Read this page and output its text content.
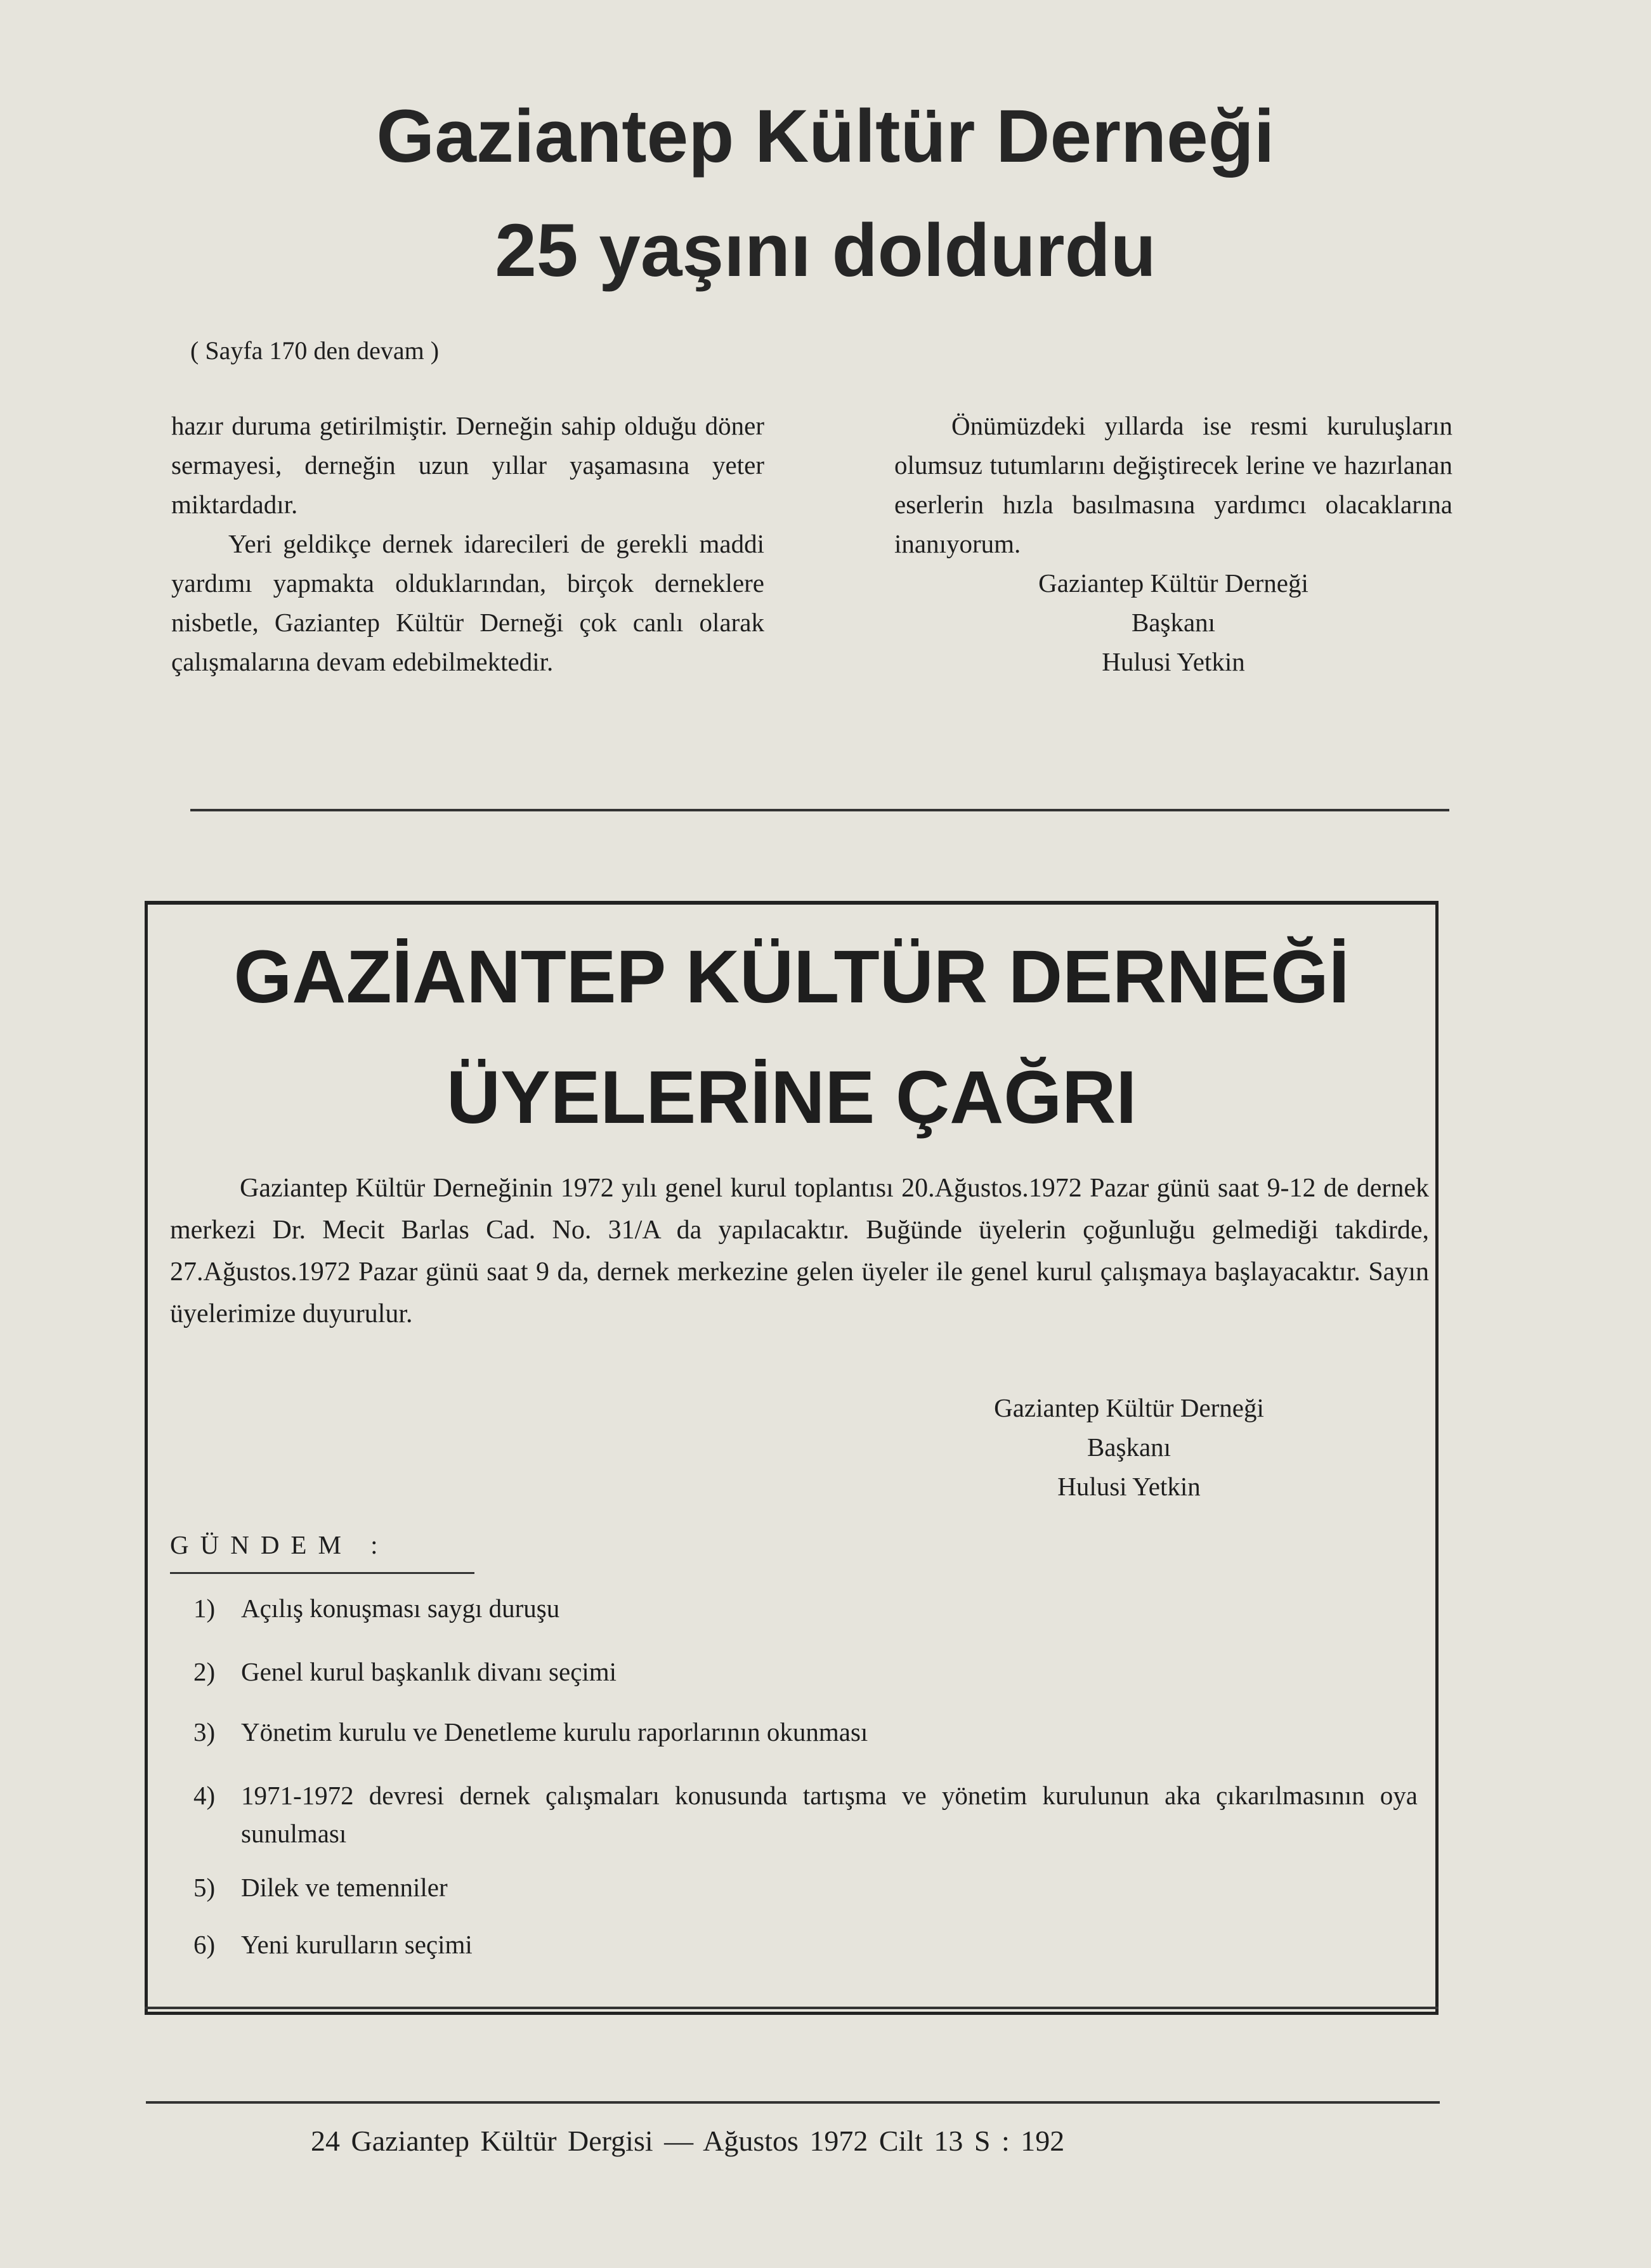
Gaziantep Kültür Derneği
25 yaşını doldurdu
( Sayfa 170 den devam )

hazır duruma getirilmiştir. Derneğin sahip olduğu döner sermayesi, derneğin uzun yıllar yaşamasına yeter miktardadır.

Yeri geldikçe dernek idarecileri de gerekli maddi yardımı yapmakta olduklarından, birçok derneklere nisbetle, Gaziantep Kültür Derneği çok canlı olarak çalışmalarına devam edebilmektedir.

Önümüzdeki yıllarda ise resmi kuruluşların olumsuz tutumlarını değiştirecek lerine ve hazırlanan eserlerin hızla basılmasına yardımcı olacaklarına inanıyorum.

Gaziantep Kültür Derneği
Başkanı
Hulusi Yetkin
GAZİANTEP KÜLTÜR DERNEĞİ
ÜYELERİNE ÇAĞRI
Gaziantep Kültür Derneğinin 1972 yılı genel kurul toplantısı 20.Ağustos.1972 Pazar günü saat 9-12 de dernek merkezi Dr. Mecit Barlas Cad. No. 31/A da yapılacaktır. Buğünde üyelerin çoğunluğu gelmediği takdirde, 27.Ağustos.1972 Pazar günü saat 9 da, dernek merkezine gelen üyeler ile genel kurul çalışmaya başlayacaktır. Sayın üyelerimize duyurulur.
Gaziantep Kültür Derneği
Başkanı
Hulusi Yetkin
GÜNDEM :
1) Açılış konuşması saygı duruşu
2) Genel kurul başkanlık divanı seçimi
3) Yönetim kurulu ve Denetleme kurulu raporlarının okunması
4) 1971-1972 devresi dernek çalışmaları konusunda tartışma ve yönetim kurulunun aka çıkarılmasının oya sunulması
5) Dilek ve temenniler
6) Yeni kurulların seçimi
24 Gaziantep Kültür Dergisi — Ağustos 1972 Cilt 13 S : 192
